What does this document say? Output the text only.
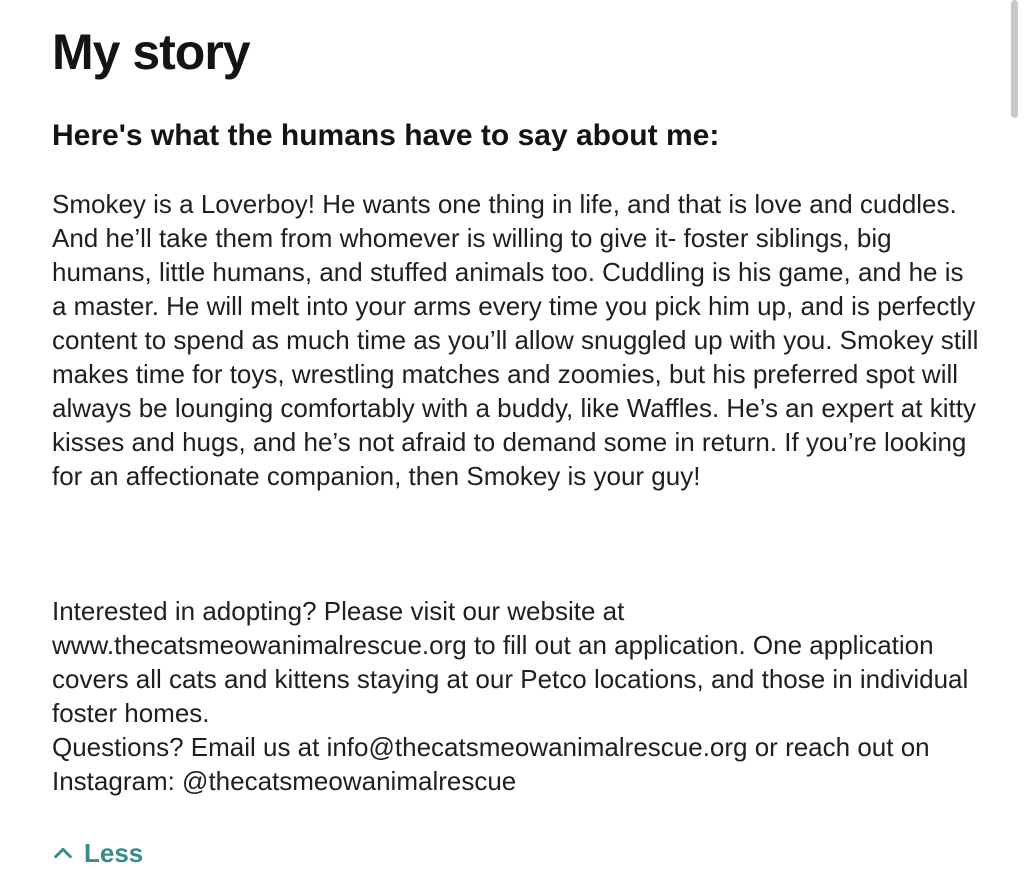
My story
Here's what the humans have to say about me:

Smokey is a Loverboy! He wants one thing in life, and that is love and cuddles. And he’ll take them from whomever is willing to give it- foster siblings, big humans, little humans, and stuffed animals too. Cuddling is his game, and he is a master. He will melt into your arms every time you pick him up, and is perfectly content to spend as much time as you’ll allow snuggled up with you. Smokey still makes time for toys, wrestling matches and zoomies, but his preferred spot will always be lounging comfortably with a buddy, like Waffles. He’s an expert at kitty kisses and hugs, and he’s not afraid to demand some in return. If you’re looking for an affectionate companion, then Smokey is your guy!

Interested in adopting? Please visit our website at www.thecatsmeowanimalrescue.org to fill out an application. One application covers all cats and kittens staying at our Petco locations, and those in individual foster homes.
Questions? Email us at info@thecatsmeowanimalrescue.org or reach out on Instagram: @thecatsmeowanimalrescue

Less
